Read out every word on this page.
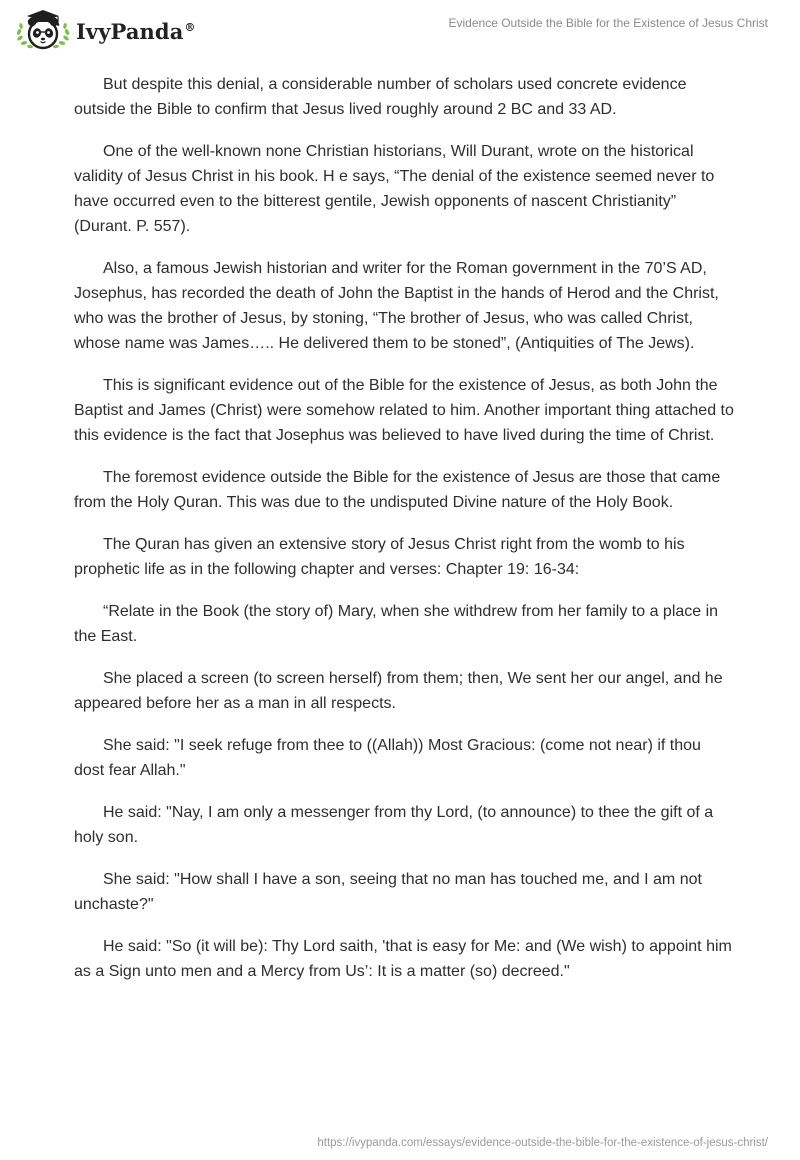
IvyPanda®	Evidence Outside the Bible for the Existence of Jesus Christ

But despite this denial, a considerable number of scholars used concrete evidence outside the Bible to confirm that Jesus lived roughly around 2 BC and 33 AD.

One of the well-known none Christian historians, Will Durant, wrote on the historical validity of Jesus Christ in his book. H e says, “The denial of the existence seemed never to have occurred even to the bitterest gentile, Jewish opponents of nascent Christianity” (Durant. P. 557).

Also, a famous Jewish historian and writer for the Roman government in the 70’S AD, Josephus, has recorded the death of John the Baptist in the hands of Herod and the Christ, who was the brother of Jesus, by stoning, “The brother of Jesus, who was called Christ, whose name was James….. He delivered them to be stoned”, (Antiquities of The Jews).

This is significant evidence out of the Bible for the existence of Jesus, as both John the Baptist and James (Christ) were somehow related to him. Another important thing attached to this evidence is the fact that Josephus was believed to have lived during the time of Christ.

The foremost evidence outside the Bible for the existence of Jesus are those that came from the Holy Quran. This was due to the undisputed Divine nature of the Holy Book.

The Quran has given an extensive story of Jesus Christ right from the womb to his prophetic life as in the following chapter and verses: Chapter 19: 16-34:

“Relate in the Book (the story of) Mary, when she withdrew from her family to a place in the East.

She placed a screen (to screen herself) from them; then, We sent her our angel, and he appeared before her as a man in all respects.

She said: "I seek refuge from thee to ((Allah)) Most Gracious: (come not near) if thou dost fear Allah."

He said: "Nay, I am only a messenger from thy Lord, (to announce) to thee the gift of a holy son.

She said: "How shall I have a son, seeing that no man has touched me, and I am not unchaste?"

He said: "So (it will be): Thy Lord saith, 'that is easy for Me: and (We wish) to appoint him as a Sign unto men and a Mercy from Us’: It is a matter (so) decreed."

https://ivypanda.com/essays/evidence-outside-the-bible-for-the-existence-of-jesus-christ/
